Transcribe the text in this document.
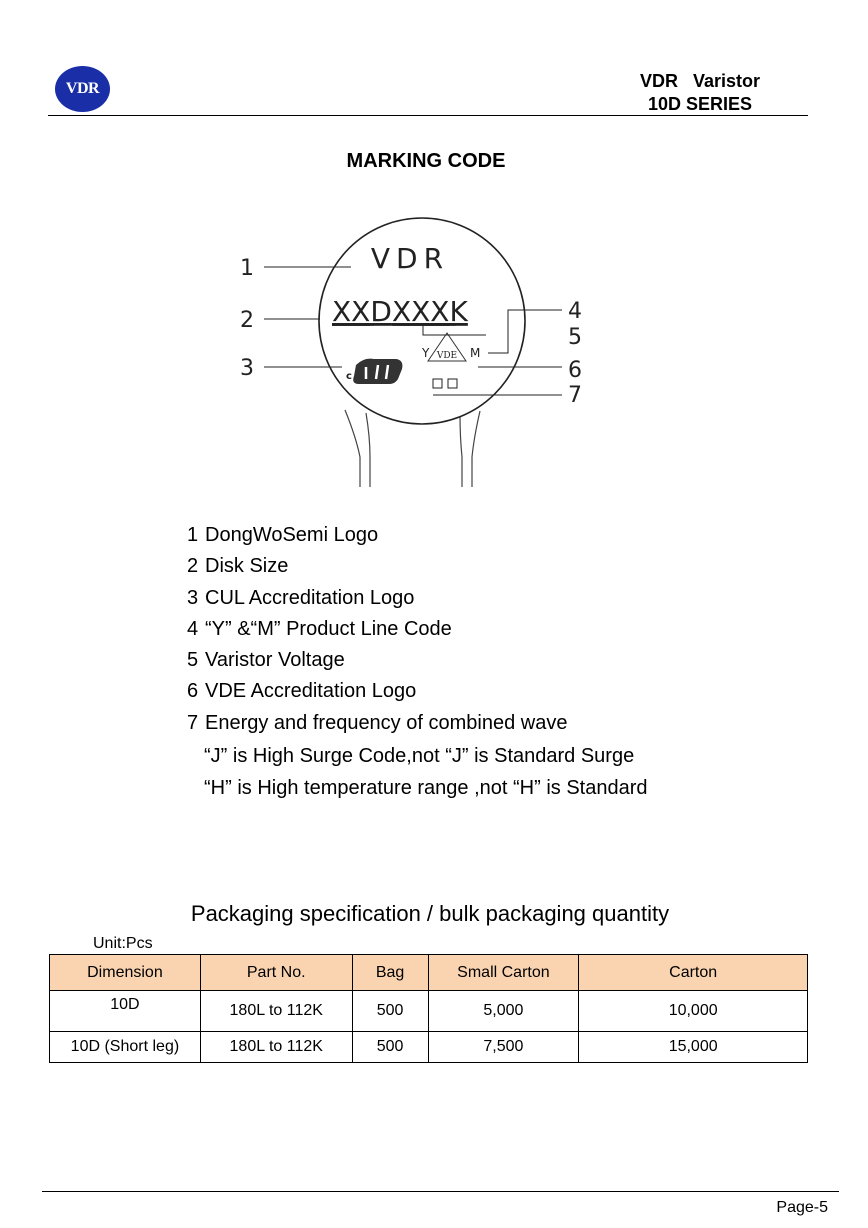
VDR	VDR   Varistor
10D SERIES
MARKING CODE
VDR
XXDXXXK
Y VDE M
c
1
2
3
4
5
6
7
1 DongWoSemi Logo
2 Disk Size
3 CUL Accreditation Logo
4 “Y” &“M” Product Line Code
5 Varistor Voltage
6 VDE Accreditation Logo
7 Energy and frequency of combined wave
“J” is High Surge Code,not “J” is Standard Surge
“H” is High temperature range ,not “H” is Standard
Packaging specification / bulk packaging quantity
Unit:Pcs
Dimension	Part No.	Bag	Small Carton	Carton
10D	180L to 112K	500	5,000	10,000
10D (Short leg)	180L to 112K	500	7,500	15,000
Page-5
